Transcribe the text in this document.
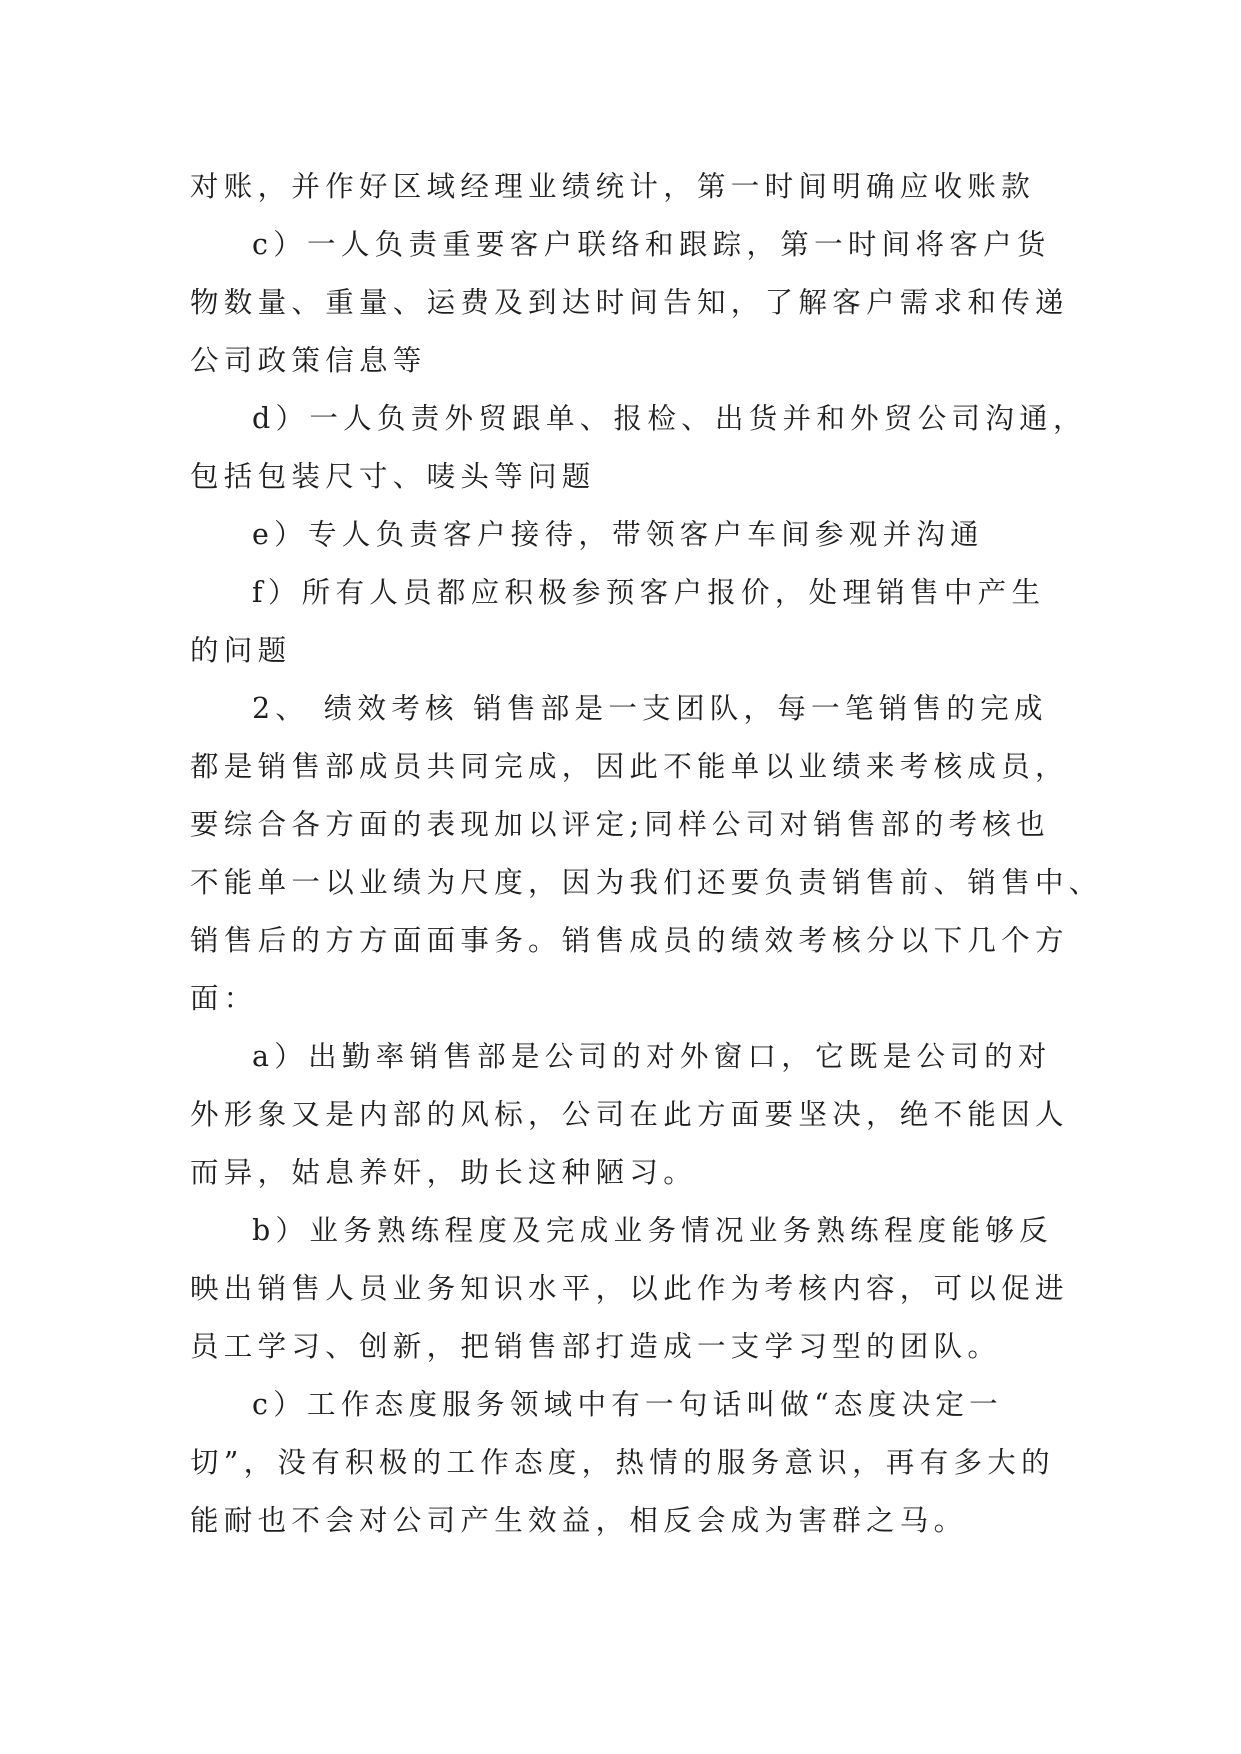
对账，并作好区域经理业绩统计，第一时间明确应收账款
c）一人负责重要客户联络和跟踪，第一时间将客户货
物数量、重量、运费及到达时间告知，了解客户需求和传递
公司政策信息等
d）一人负责外贸跟单、报检、出货并和外贸公司沟通，
包括包装尺寸、唛头等问题
e）专人负责客户接待，带领客户车间参观并沟通
f）所有人员都应积极参预客户报价，处理销售中产生
的问题
2、 绩效考核 销售部是一支团队，每一笔销售的完成
都是销售部成员共同完成，因此不能单以业绩来考核成员，
要综合各方面的表现加以评定;同样公司对销售部的考核也
不能单一以业绩为尺度，因为我们还要负责销售前、销售中、
销售后的方方面面事务。销售成员的绩效考核分以下几个方
面：
a）出勤率销售部是公司的对外窗口，它既是公司的对
外形象又是内部的风标，公司在此方面要坚决，绝不能因人
而异，姑息养奸，助长这种陋习。
b）业务熟练程度及完成业务情况业务熟练程度能够反
映出销售人员业务知识水平，以此作为考核内容，可以促进
员工学习、创新，把销售部打造成一支学习型的团队。
c）工作态度服务领域中有一句话叫做“态度决定一
切”，没有积极的工作态度，热情的服务意识，再有多大的
能耐也不会对公司产生效益，相反会成为害群之马。
